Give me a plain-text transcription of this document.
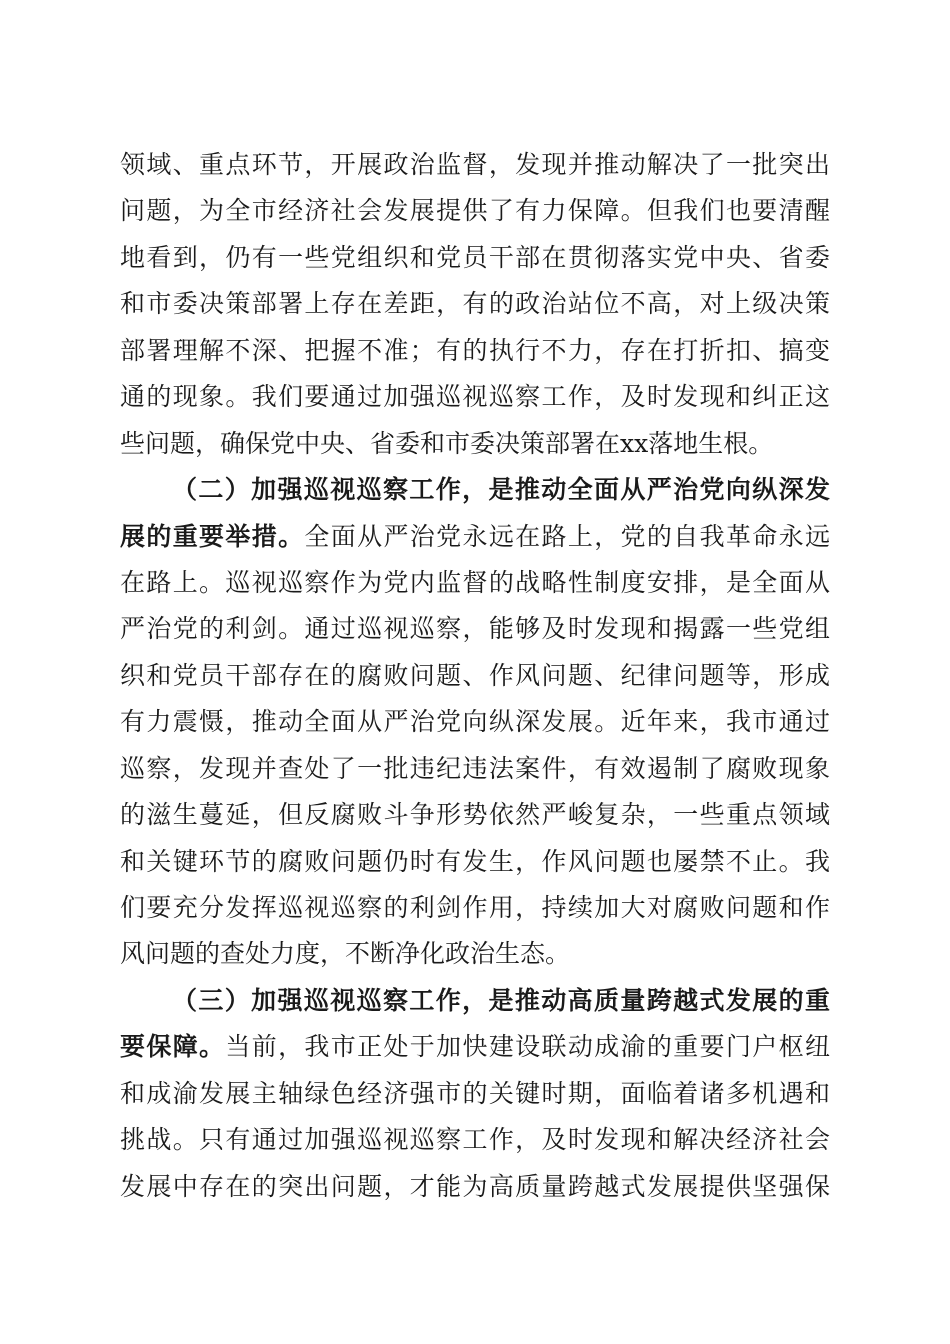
领域、重点环节，开展政治监督，发现并推动解决了一批突出
问题，为全市经济社会发展提供了有力保障。但我们也要清醒
地看到，仍有一些党组织和党员干部在贯彻落实党中央、省委
和市委决策部署上存在差距，有的政治站位不高，对上级决策
部署理解不深、把握不准；有的执行不力，存在打折扣、搞变
通的现象。我们要通过加强巡视巡察工作，及时发现和纠正这
些问题，确保党中央、省委和市委决策部署在xx落地生根。
（二）加强巡视巡察工作，是推动全面从严治党向纵深发
展的重要举措。全面从严治党永远在路上，党的自我革命永远
在路上。巡视巡察作为党内监督的战略性制度安排，是全面从
严治党的利剑。通过巡视巡察，能够及时发现和揭露一些党组
织和党员干部存在的腐败问题、作风问题、纪律问题等，形成
有力震慑，推动全面从严治党向纵深发展。近年来，我市通过
巡察，发现并查处了一批违纪违法案件，有效遏制了腐败现象
的滋生蔓延，但反腐败斗争形势依然严峻复杂，一些重点领域
和关键环节的腐败问题仍时有发生，作风问题也屡禁不止。我
们要充分发挥巡视巡察的利剑作用，持续加大对腐败问题和作
风问题的查处力度，不断净化政治生态。
（三）加强巡视巡察工作，是推动高质量跨越式发展的重
要保障。当前，我市正处于加快建设联动成渝的重要门户枢纽
和成渝发展主轴绿色经济强市的关键时期，面临着诸多机遇和
挑战。只有通过加强巡视巡察工作，及时发现和解决经济社会
发展中存在的突出问题，才能为高质量跨越式发展提供坚强保
